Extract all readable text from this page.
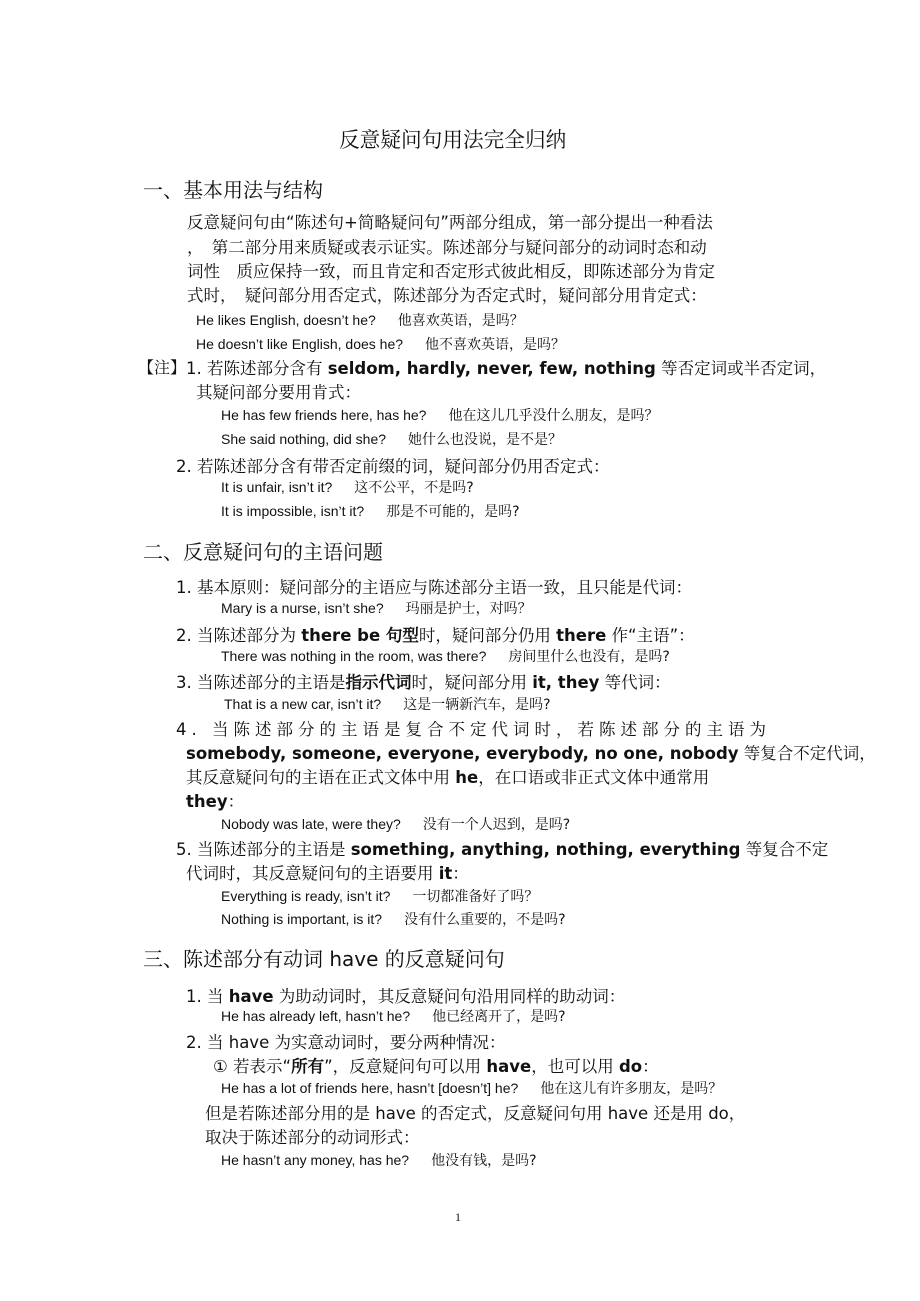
反意疑问句用法完全归纳
一、基本用法与结构
反意疑问句由“陈述句+简略疑问句”两部分组成，第一部分提出一种看法
，　第二部分用来质疑或表示证实。陈述部分与疑问部分的动词时态和动
词性　质应保持一致，而且肯定和否定形式彼此相反，即陈述部分为肯定
式时，　疑问部分用否定式，陈述部分为否定式时，疑问部分用肯定式：
He likes English, doesn’t he? 他喜欢英语，是吗？
He doesn’t like English, does he? 他不喜欢英语，是吗？
【注】 1. 若陈述部分含有 seldom, hardly, never, few, nothing 等否定词或半否定词，
其疑问部分要用肯式：
He has few friends here, has he? 他在这儿几乎没什么朋友，是吗？
She said nothing, did she? 她什么也没说，是不是？
2. 若陈述部分含有带否定前缀的词，疑问部分仍用否定式：
It is unfair, isn’t it? 这不公平，不是吗?
It is impossible, isn’t it? 那是不可能的，是吗?
二、反意疑问句的主语问题
1. 基本原则：疑问部分的主语应与陈述部分主语一致，且只能是代词：
Mary is a nurse, isn’t she? 玛丽是护士，对吗？
2. 当陈述部分为 there be 句型时，疑问部分仍用 there 作“主语”：
There was nothing in the room, was there? 房间里什么也没有，是吗?
3. 当陈述部分的主语是指示代词时，疑问部分用 it, they 等代词：
That is a new car, isn’t it? 这是一辆新汽车，是吗?
4. 当陈述部分的主语是复合不定代词时，若陈述部分的主语为
somebody, someone, everyone, everybody, no one, nobody 等复合不定代词，
其反意疑问句的主语在正式文体中用 he，在口语或非正式文体中通常用
they：
Nobody was late, were they? 没有一个人迟到，是吗?
5. 当陈述部分的主语是 something, anything, nothing, everything 等复合不定
代词时，其反意疑问句的主语要用 it：
Everything is ready, isn’t it? 一切都准备好了吗？
Nothing is important, is it? 没有什么重要的，不是吗?
三、陈述部分有动词 have 的反意疑问句
1. 当 have 为助动词时，其反意疑问句沿用同样的助动词：
He has already left, hasn’t he? 他已经离开了，是吗?
2. 当 have 为实意动词时，要分两种情况：
① 若表示“所有”，反意疑问句可以用 have，也可以用 do：
He has a lot of friends here, hasn’t [doesn’t] he? 他在这儿有许多朋友，是吗？
但是若陈述部分用的是 have 的否定式，反意疑问句用 have 还是用 do，
取决于陈述部分的动词形式：
He hasn’t any money, has he? 他没有钱，是吗?
1
